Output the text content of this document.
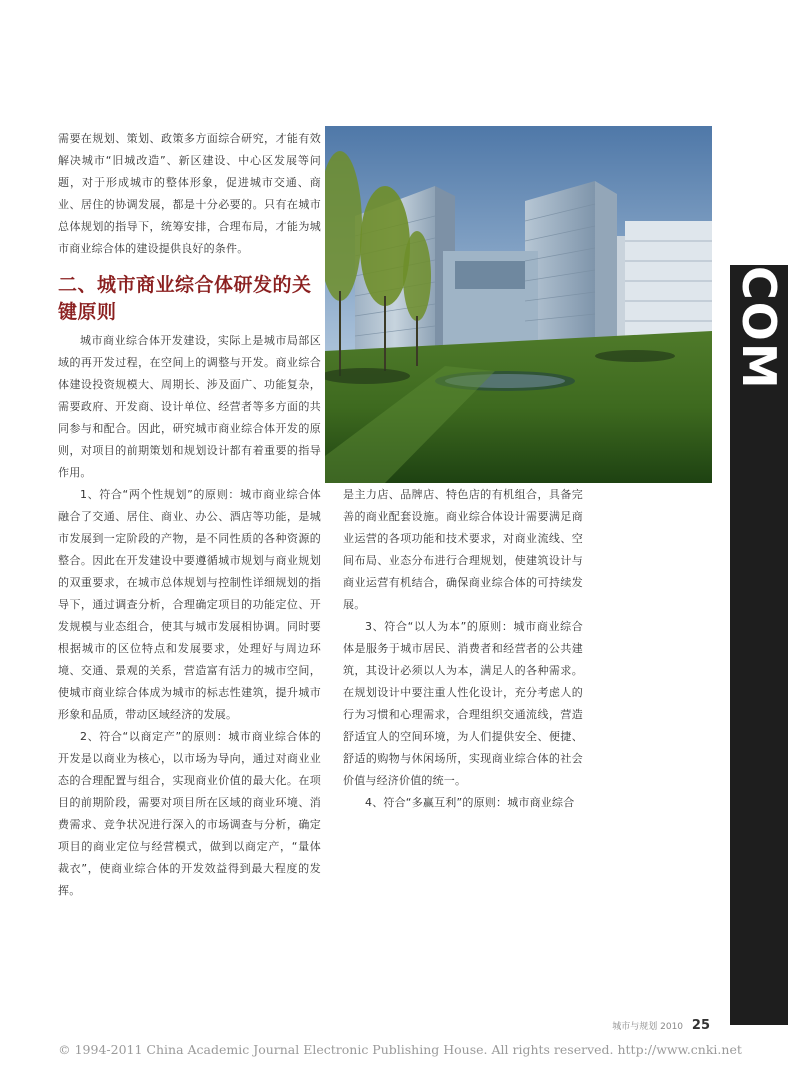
需要在规划、策划、政策多方面综合研究，才能有效解决城市“旧城改造”、新区建设、中心区发展等问题，对于形成城市的整体形象，促进城市交通、商业、居住的协调发展，都是十分必要的。只有在城市总体规划的指导下，统筹安排，合理布局，才能为城市商业综合体的建设提供良好的条件。

二、城市商业综合体研发的关键原则

城市商业综合体开发建设，实际上是城市局部区域的再开发过程，在空间上的调整与开发。商业综合体建设投资规模大、周期长、涉及面广、功能复杂，需要政府、开发商、设计单位、经营者等多方面的共同参与和配合。因此，研究城市商业综合体开发的原则，对项目的前期策划和规划设计都有着重要的指导作用。

COM

1、符合“两个性规划”的原则：城市商业综合体融合了交通、居住、商业、办公、酒店等功能，是城市发展到一定阶段的产物，是不同性质的各种资源的整合。因此在开发建设中要遵循城市规划与商业规划的双重要求，在城市总体规划与控制性详细规划的指导下，通过调查分析，合理确定项目的功能定位、开发规模与业态组合，使其与城市发展相协调。同时要根据城市的区位特点和发展要求，处理好与周边环境、交通、景观的关系，营造富有活力的城市空间，使城市商业综合体成为城市的标志性建筑，提升城市形象和品质，带动区域经济的发展。

2、符合“以商定产”的原则：城市商业综合体的开发是以商业为核心，以市场为导向，通过对商业业态的合理配置与组合，实现商业价值的最大化。在项目的前期阶段，需要对项目所在区域的商业环境、消费需求、竞争状况进行深入的市场调查与分析，确定项目的商业定位与经营模式，做到以商定产，“量体裁衣”，使商业综合体的开发效益得到最大程度的发挥。

是主力店、品牌店、特色店的有机组合，具备完善的商业配套设施。商业综合体设计需要满足商业运营的各项功能和技术要求，对商业流线、空间布局、业态分布进行合理规划，使建筑设计与商业运营有机结合，确保商业综合体的可持续发展。

3、符合“以人为本”的原则：城市商业综合体是服务于城市居民、消费者和经营者的公共建筑，其设计必须以人为本，满足人的各种需求。在规划设计中要注重人性化设计，充分考虑人的行为习惯和心理需求，合理组织交通流线，营造舒适宜人的空间环境，为人们提供安全、便捷、舒适的购物与休闲场所，实现商业综合体的社会价值与经济价值的统一。

4、符合“多赢互利”的原则：城市商业综合

城市与规划 2010 25
© 1994-2011 China Academic Journal Electronic Publishing House. All rights reserved. http://www.cnki.net
